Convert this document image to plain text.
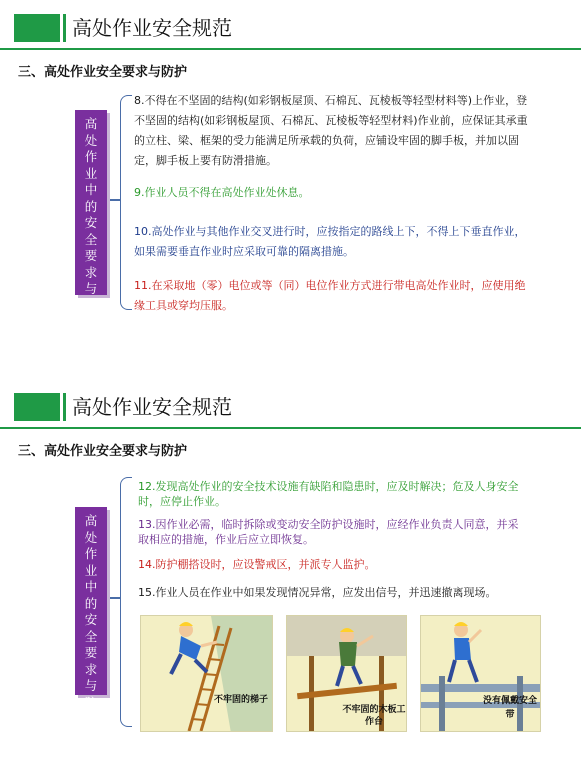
高处作业安全规范
三、高处作业安全要求与防护
高处作业中的安全要求与防护
8.不得在不坚固的结构(如彩钢板屋顶、石棉瓦、瓦棱板等轻型材料等)上作业，登不坚固的结构(如彩钢板屋顶、石棉瓦、瓦棱板等轻型材料)作业前，应保证其承重的立柱、梁、框架的受力能满足所承载的负荷，应铺设牢固的脚手板，并加以固定，脚手板上要有防滑措施。
9.作业人员不得在高处作业处休息。
10.高处作业与其他作业交叉进行时，应按指定的路线上下，不得上下垂直作业，如果需要垂直作业时应采取可靠的隔离措施。
11.在采取地（零）电位或等（同）电位作业方式进行带电高处作业时，应使用绝缘工具或穿均压服。
高处作业安全规范
三、高处作业安全要求与防护
高处作业中的安全要求与防护
12.发现高处作业的安全技术设施有缺陷和隐患时，应及时解决；危及人身安全时，应停止作业。
13.因作业必需，临时拆除或变动安全防护设施时，应经作业负责人同意，并采取相应的措施，作业后应立即恢复。
14.防护棚搭设时，应设警戒区，并派专人监护。
15.作业人员在作业中如果发现情况异常，应发出信号，并迅速撤离现场。
不牢固的梯子
不牢固的木板工作台
没有佩戴安全带
